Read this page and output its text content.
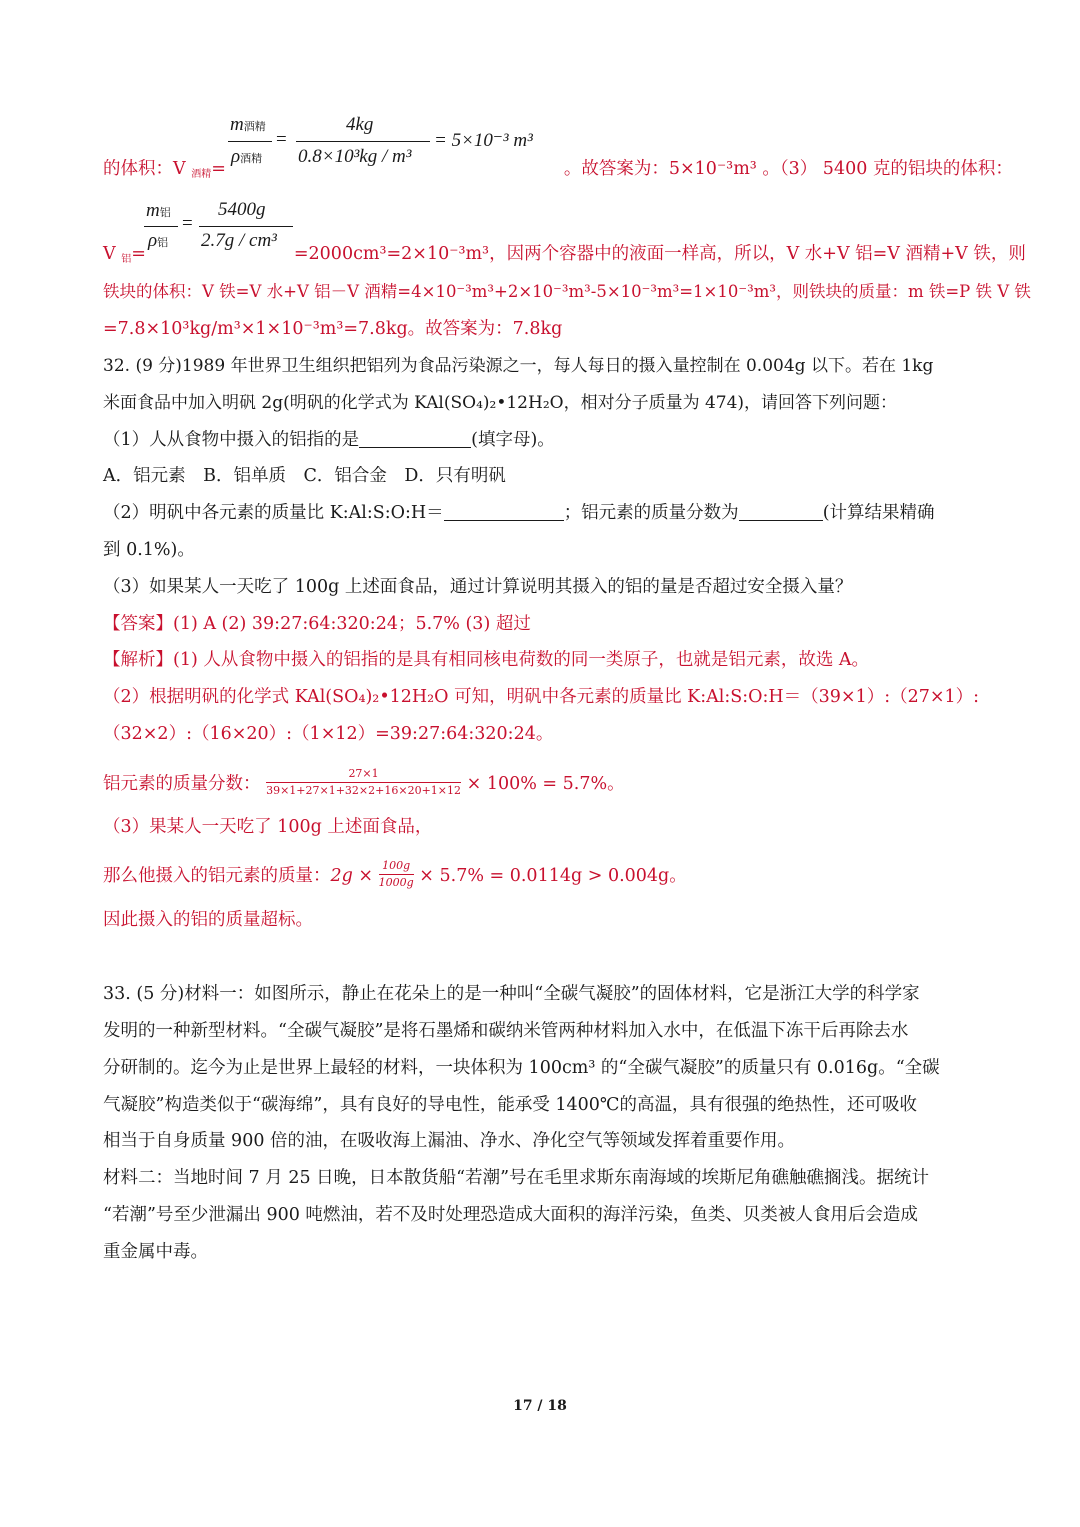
m酒精
ρ酒精
=
4kg
0.8×10³kg / m³
= 5×10⁻³ m³
的体积：V $_{酒精}$=	。故答案为：5×10⁻³m³ 。（3） 5400 克的铝块的体积：
m铝
ρ铝
=
5400g
2.7g / cm³
V $_铝$=	=2000cm³=2×10⁻³m³，因两个容器中的液面一样高，所以，V 水+V 铝=V 酒精+V 铁，则
铁块的体积：V 铁=V 水+V 铝－V 酒精=4×10⁻³m³+2×10⁻³m³-5×10⁻³m³=1×10⁻³m³，则铁块的质量：m 铁=P 铁 V 铁
=7.8×10³kg/m³×1×10⁻³m³=7.8kg。故答案为：7.8kg
32. (9 分)1989 年世界卫生组织把铝列为食品污染源之一，每人每日的摄入量控制在 0.004g 以下。若在 1kg
米面食品中加入明矾 2g(明矾的化学式为 KAl(SO₄)₂•12H₂O，相对分子质量为 474)，请回答下列问题：
（1）人从食物中摄入的铝指的是	(填字母)。
A．铝元素　B．铝单质　C．铝合金　D．只有明矾
（2）明矾中各元素的质量比 K:Al:S:O:H＝	；铝元素的质量分数为	(计算结果精确
到 0.1%)。
（3）如果某人一天吃了 100g 上述面食品，通过计算说明其摄入的铝的量是否超过安全摄入量？
【答案】(1) A (2) 39:27:64:320:24；5.7% (3) 超过
【解析】(1) 人从食物中摄入的铝指的是具有相同核电荷数的同一类原子，也就是铝元素，故选 A。
（2）根据明矾的化学式 KAl(SO₄)₂•12H₂O 可知，明矾中各元素的质量比 K:Al:S:O:H＝（39×1）:（27×1）:
（32×2）:（16×20）:（1×12）=39:27:64:320:24。
铝元素的质量分数： $\frac{27\times 1}{39\times 1+27\times 1+32\times 2+16\times 20+1\times 12} \times 100\% = 5.7\%$。
（3）果某人一天吃了 100g 上述面食品，
那么他摄入的铝元素的质量：$2g \times \frac{100g}{1000g} \times 5.7\% = 0.0114g > 0.004g$。
因此摄入的铝的质量超标。
33. (5 分)材料一：如图所示，静止在花朵上的是一种叫“全碳气凝胶”的固体材料，它是浙江大学的科学家
发明的一种新型材料。“全碳气凝胶”是将石墨烯和碳纳米管两种材料加入水中，在低温下冻干后再除去水
分研制的。迄今为止是世界上最轻的材料，一块体积为 100cm³ 的“全碳气凝胶”的质量只有 0.016g。“全碳
气凝胶”构造类似于“碳海绵”，具有良好的导电性，能承受 1400℃的高温，具有很强的绝热性，还可吸收
相当于自身质量 900 倍的油，在吸收海上漏油、净水、净化空气等领域发挥着重要作用。
材料二：当地时间 7 月 25 日晚，日本散货船“若潮”号在毛里求斯东南海域的埃斯尼角礁触礁搁浅。据统计
“若潮”号至少泄漏出 900 吨燃油，若不及时处理恐造成大面积的海洋污染，鱼类、贝类被人食用后会造成
重金属中毒。
17 / 18
